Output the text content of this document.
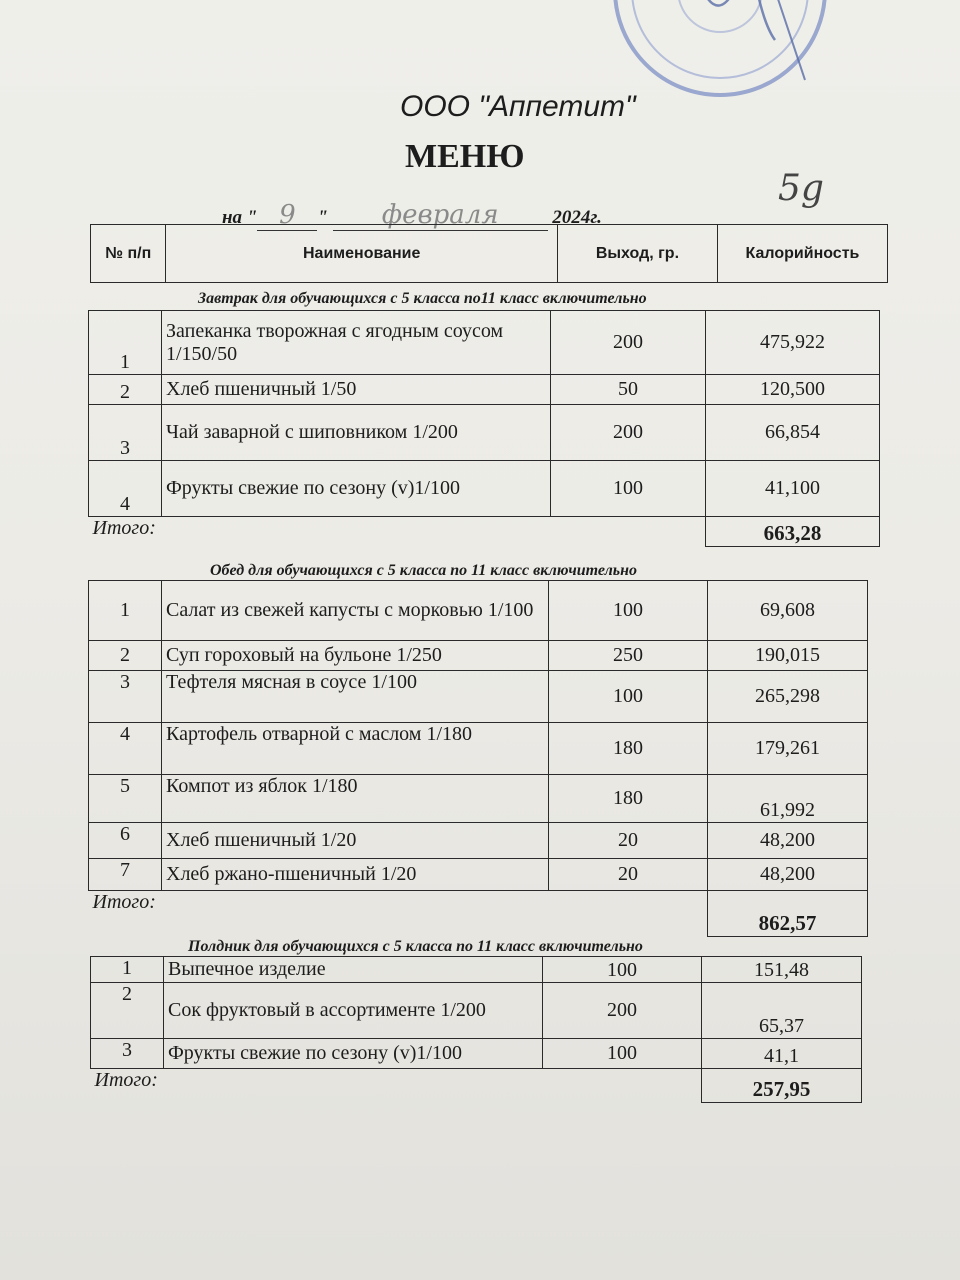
ООО "Аппетит"
МЕНЮ
на " 9 " февраля	2024г.
5g
№ п/п	Наименование	Выход, гр.	Калорийность
Завтрак для обучающихся с 5 класса по11 класс включительно
1	Запеканка творожная с ягодным соусом 1/150/50	200	475,922
2	Хлеб пшеничный 1/50	50	120,500
3	Чай заварной с шиповником 1/200	200	66,854
4	Фрукты свежие по сезону (v)1/100	100	41,100
Итого:			663,28
Обед для обучающихся с 5 класса по 11 класс включительно
1	Салат из свежей капусты с морковью 1/100	100	69,608
2	Суп гороховый на бульоне 1/250	250	190,015
3	Тефтеля мясная в соусе 1/100	100	265,298
4	Картофель отварной с маслом 1/180	180	179,261
5	Компот из яблок 1/180	180	61,992
6	Хлеб пшеничный 1/20	20	48,200
7	Хлеб ржано-пшеничный 1/20	20	48,200
Итого:			862,57
Полдник для обучающихся с 5 класса по 11 класс включительно
1	Выпечное изделие	100	151,48
2	Сок фруктовый в ассортименте 1/200	200	65,37
3	Фрукты свежие по сезону (v)1/100	100	41,1
Итого:			257,95
